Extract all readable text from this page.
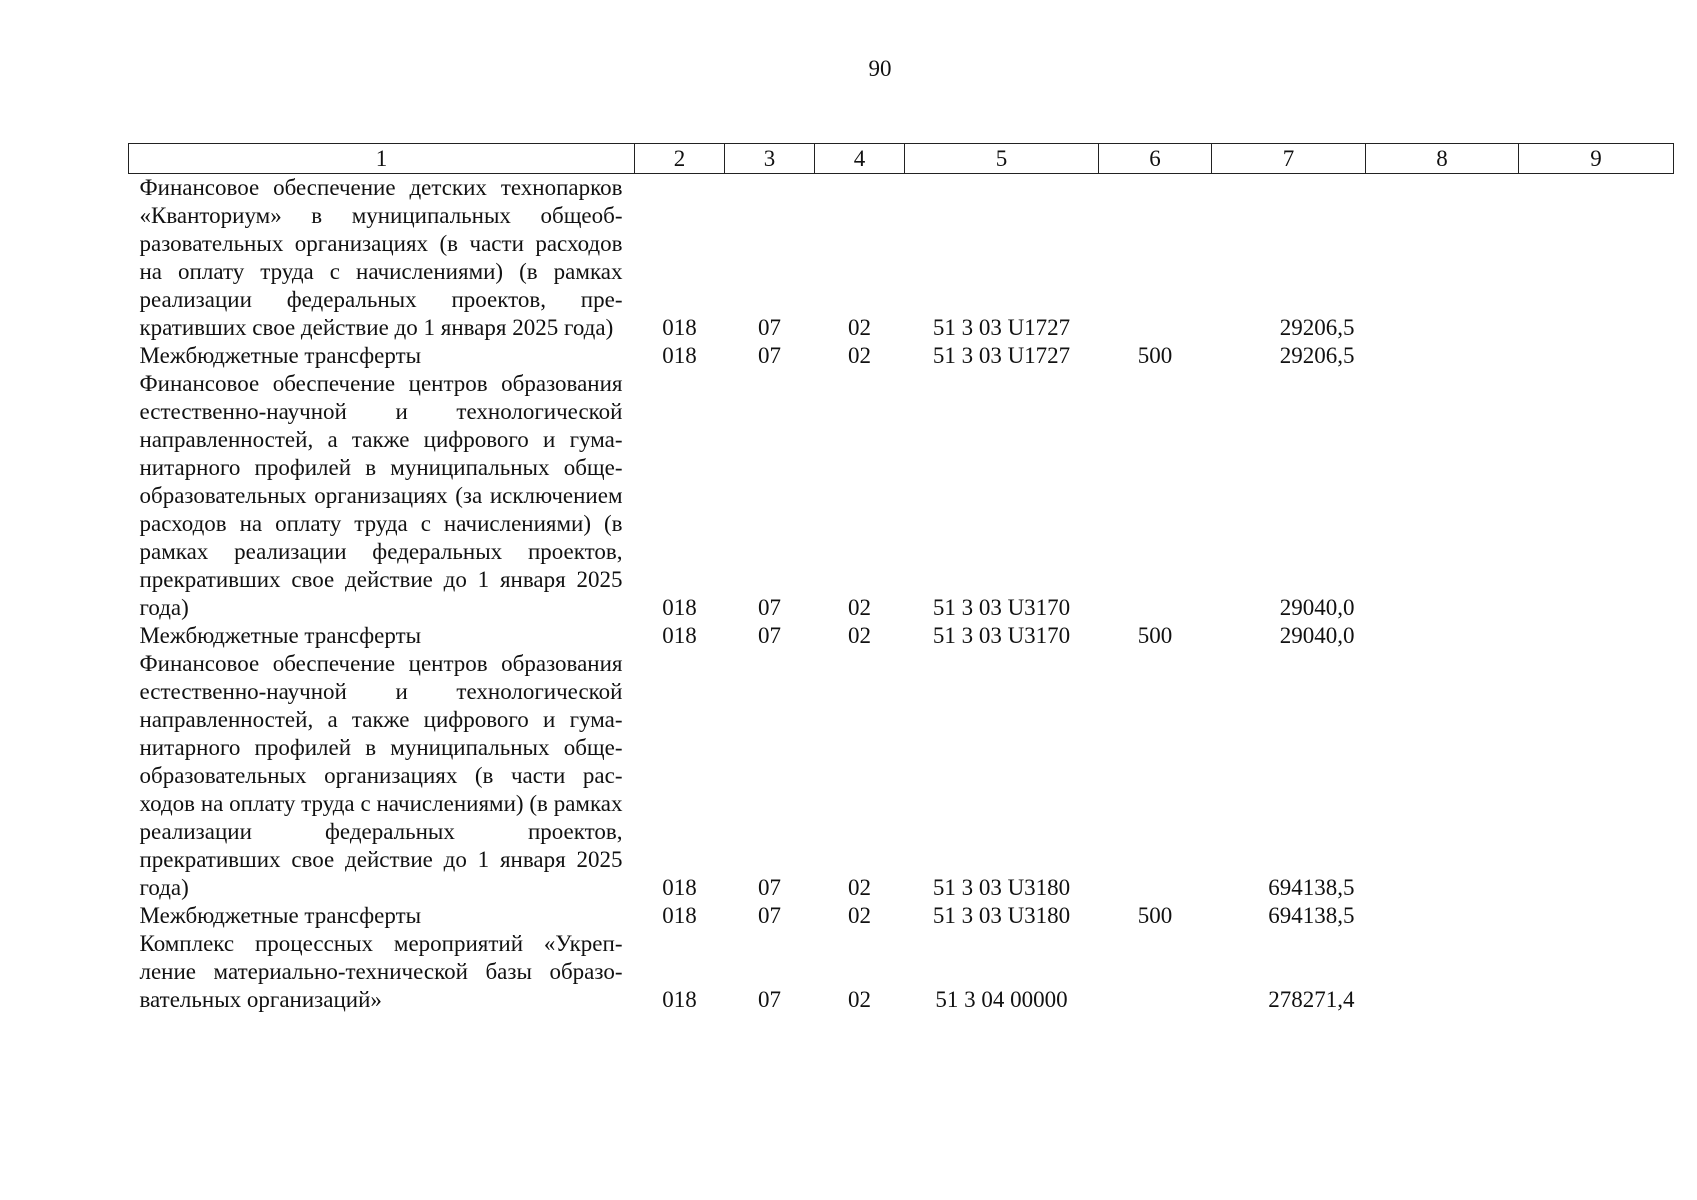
90
1	2	3	4	5	6	7	8	9
Финансовое обеспечение детских технопарков «Кванториум» в муниципальных общеобразовательных организациях (в части расходов на оплату труда с начислениями) (в рамках реализации федеральных проектов, прекративших свое действие до 1 января 2025 года)	018	07	02	51 3 03 U1727		29206,5		
Межбюджетные трансферты	018	07	02	51 3 03 U1727	500	29206,5		
Финансовое обеспечение центров образования естественно-научной и технологической направленностей, а также цифрового и гуманитарного профилей в муниципальных общеобразовательных организациях (за исключением расходов на оплату труда с начислениями) (в рамках реализации федеральных проектов, прекративших свое действие до 1 января 2025 года)	018	07	02	51 3 03 U3170		29040,0		
Межбюджетные трансферты	018	07	02	51 3 03 U3170	500	29040,0		
Финансовое обеспечение центров образования естественно-научной и технологической направленностей, а также цифрового и гуманитарного профилей в муниципальных общеобразовательных организациях (в части расходов на оплату труда с начислениями) (в рамках реализации федеральных проектов, прекративших свое действие до 1 января 2025 года)	018	07	02	51 3 03 U3180		694138,5		
Межбюджетные трансферты	018	07	02	51 3 03 U3180	500	694138,5		
Комплекс процессных мероприятий «Укрепление материально-технической базы образовательных организаций»	018	07	02	51 3 04 00000		278271,4		
